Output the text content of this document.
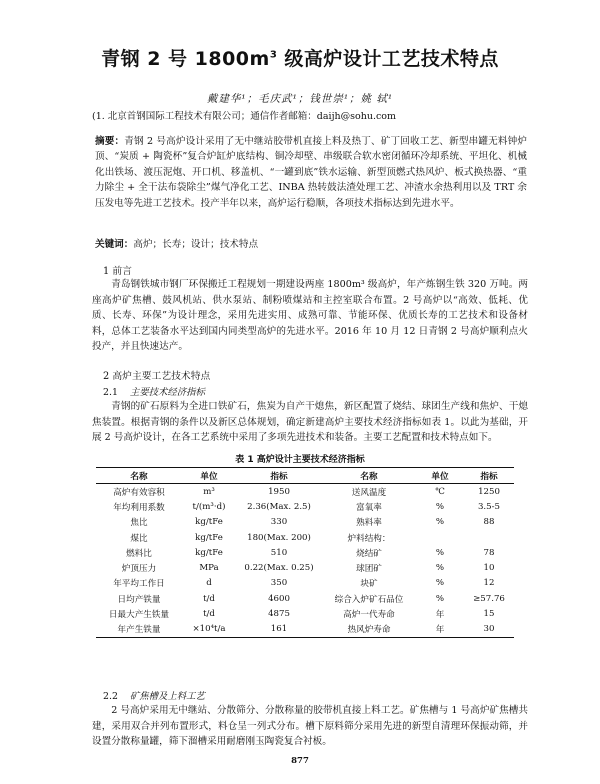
青钢 2 号 $1800m^3$ 级高炉设计工艺技术特点
戴建华¹；毛庆武¹；钱世崇¹；姚 轼¹
(1. 北京首钢国际工程技术有限公司；通信作者邮箱：daijh@sohu.com
摘要：青钢 2 号高炉设计采用了无中继站胶带机直接上料及热丁、矿丁回收工艺、新型串罐无料钟炉顶、“炭质 + 陶瓷杯”复合炉缸炉底结构、铜冷却壁、串级联合软水密闭循环冷却系统、平坦化、机械化出铁场、渡压泥炮、开口机、移盖机、“一罐到底”铁水运输、新型顶燃式热风炉、板式换热器、“重力除尘 + 全干法布袋除尘”煤气净化工艺、INBA 热转鼓法渣处理工艺、冲渣水余热利用以及 TRT 余压发电等先进工艺技术。投产半年以来，高炉运行稳顺，各项技术指标达到先进水平。
关键词：高炉；长寿；设计；技术特点
1 前言
青岛钢铁城市钢厂环保搬迁工程规划一期建设两座 1800m³ 级高炉，年产炼钢生铁 320 万吨。两座高炉矿焦槽、鼓风机站、供水泵站、制粉喷煤站和主控室联合布置。2 号高炉以“高效、低耗、优质、长寿、环保”为设计理念，采用先进实用、成熟可靠、节能环保、优质长寿的工艺技术和设备材料，总体工艺装备水平达到国内同类型高炉的先进水平。2016 年 10 月 12 日青钢 2 号高炉顺利点火投产，并且快速达产。
2 高炉主要工艺技术特点
2.1 主要技术经济指标
青钢的矿石原料为全进口铁矿石，焦炭为自产干熄焦，新区配置了烧结、球团生产线和焦炉、干熄焦装置。根据青钢的条件以及新区总体规划，确定新建高炉主要技术经济指标如表 1。以此为基础，开展 2 号高炉设计，在各工艺系统中采用了多项先进技术和装备。主要工艺配置和技术特点如下。
表 1 高炉设计主要技术经济指标
名称	单位	指标	名称	单位	指标
高炉有效容积	m³	1950	送风温度	℃	1250
年均利用系数	t/(m³·d)	2.36(Max. 2.5)	富氧率	%	3.5-5
焦比	kg/tFe	330	熟料率	%	88
煤比	kg/tFe	180(Max. 200)	炉料结构：		
燃料比	kg/tFe	510	烧结矿	%	78
炉顶压力	MPa	0.22(Max. 0.25)	球团矿	%	10
年平均工作日	d	350	块矿	%	12
日均产铁量	t/d	4600	综合入炉矿石品位	%	≥57.76
日最大产生铁量	t/d	4875	高炉一代寿命	年	15
年产生铁量	×10⁴t/a	161	热风炉寿命	年	30
2.2 矿焦槽及上料工艺
2 号高炉采用无中继站、分散筛分、分散称量的胶带机直接上料工艺。矿焦槽与 1 号高炉矿焦槽共建，采用双合并列布置形式，料仓呈一列式分布。槽下原料筛分采用先进的新型自清理环保振动筛，并设置分散称量罐，筛下溜槽采用耐磨刚玉陶瓷复合衬板。
877
